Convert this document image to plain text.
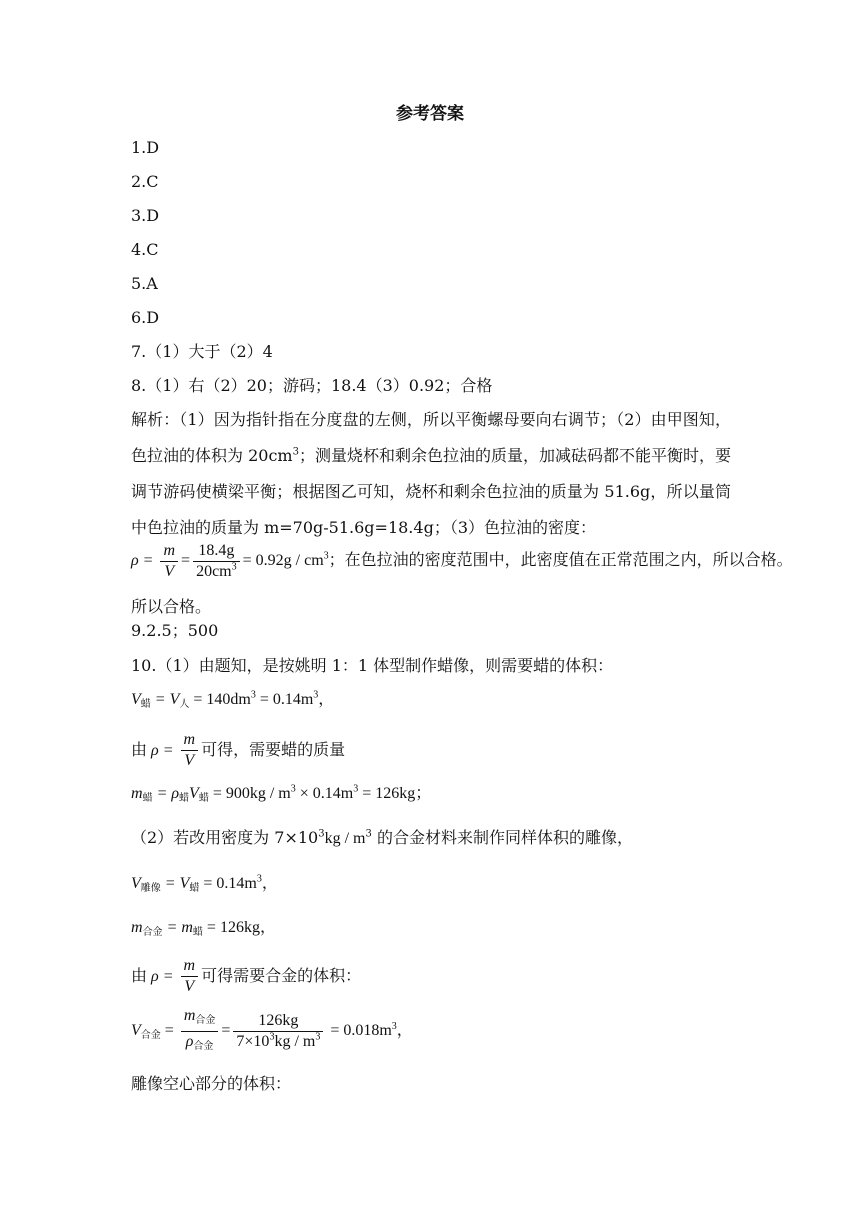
参考答案
1.D
2.C
3.D
4.C
5.A
6.D
7.（1）大于（2）4
8.（1）右（2）20；游码；18.4（3）0.92；合格
解析：（1）因为指针指在分度盘的左侧，所以平衡螺母要向右调节；（2）由甲图知，色拉油的体积为 $20cm^3$；测量烧杯和剩余色拉油的质量，加减砝码都不能平衡时，要调节游码使横梁平衡；根据图乙可知，烧杯和剩余色拉油的质量为 51.6g，所以量筒中色拉油的质量为 m=70g-51.6g=18.4g；（3）色拉油的密度：
$\rho = \frac{m}{V} = \frac{18.4g}{20cm^3} = 0.92g / cm^3$；在色拉油的密度范围中，此密度值在正常范围之内，所以合格。
所以合格。
9.2.5；500
10.（1）由题知，是按姚明 1：1 体型制作蜡像，则需要蜡的体积：
V蜡 = V人 = $140dm^3 = 0.14m^3$，
由 $\rho = \frac{m}{V}$ 可得，需要蜡的质量
m蜡 = ρ蜡V蜡 = $900kg / m^3 \times 0.14m^3 = 126kg$；
（2）若改用密度为 $7\times 10^3kg / m^3$ 的合金材料来制作同样体积的雕像，
V雕像 = V蜡 = $0.14m^3$，
m合金 = m蜡 = 126kg，
由 $\rho = \frac{m}{V}$ 可得需要合金的体积：
V合金 = $\frac{\text{m合金}}{\text{ρ合金}} = \frac{126kg}{7\times 10^3kg / m^3} = 0.018m^3$，
雕像空心部分的体积：
